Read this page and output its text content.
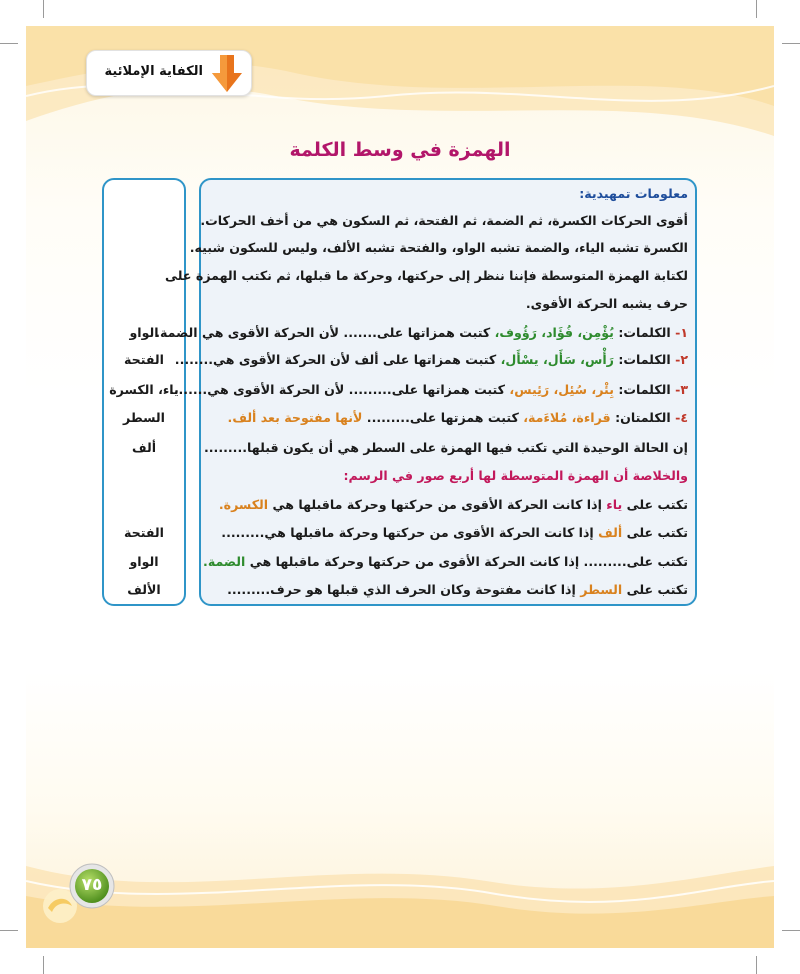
الكفاية الإملائية
الهمزة في وسط الكلمة
معلومات تمهيدية:
أقوى الحركات الكسرة، ثم الضمة، ثم الفتحة، ثم السكون هي من أخف الحركات.
الكسرة تشبه الياء، والضمة تشبه الواو، والفتحة تشبه الألف، وليس للسكون شبيه.
لكتابة الهمزة المتوسطة فإننا ننظر إلى حركتها، وحركة ما قبلها، ثم نكتب الهمزة على
حرف يشبه الحركة الأقوى.
١- الكلمات: يُؤْمِن، فُؤَاد، رَؤُوف، كتبت همزاتها على....... لأن الحركة الأقوى هي الضمة.
٢- الكلمات: رَأْس، سَأَل، يسْأَل، كتبت همزاتها على ألف لأن الحركة الأقوى هي........
٣- الكلمات: بِئْر، سُئِل، رَئِيس، كتبت همزاتها على......... لأن الحركة الأقوى هي........
٤- الكلمتان: قراءة، مُلاءَمة، كتبت همزتها على......... لأنها مفتوحة بعد ألف.
إن الحالة الوحيدة التي تكتب فيها الهمزة على السطر هي أن يكون قبلها.........
والخلاصة أن الهمزة المتوسطة لها أربع صور في الرسم:
تكتب على ياء إذا كانت الحركة الأقوى من حركتها وحركة ماقبلها هي الكسرة.
تكتب على ألف إذا كانت الحركة الأقوى من حركتها وحركة ماقبلها هي.........
تكتب على......... إذا كانت الحركة الأقوى من حركتها وحركة ماقبلها هي الضمة.
تكتب على السطر إذا كانت مفتوحة وكان الحرف الذي قبلها هو حرف.........
الواو
الفتحة
ياء، الكسرة
السطر
ألف
الفتحة
الواو
الألف
٧٥
